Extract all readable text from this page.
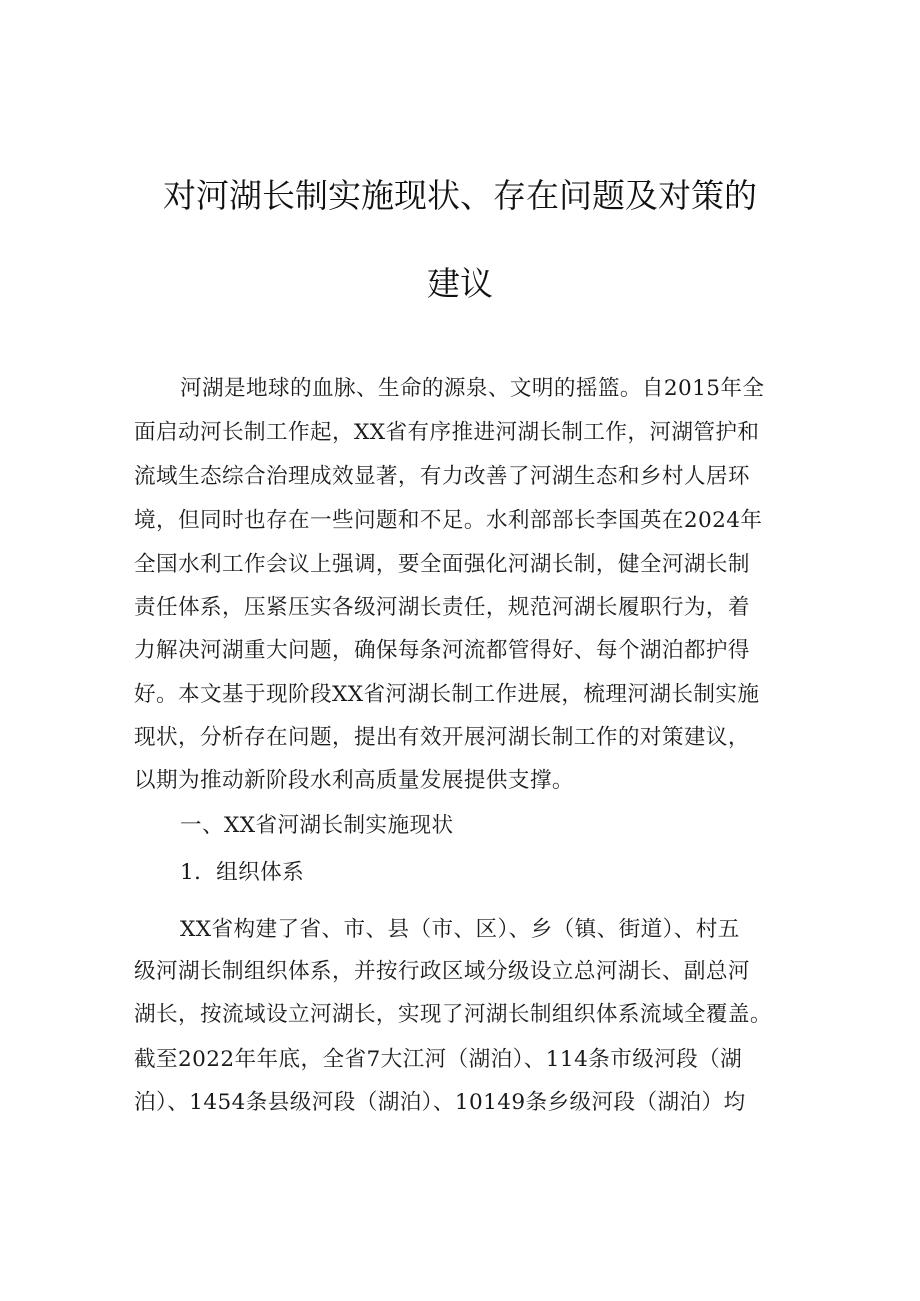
对河湖长制实施现状、存在问题及对策的
建议

河湖是地球的血脉、生命的源泉、文明的摇篮。自2015年全

面启动河长制工作起，XX省有序推进河湖长制工作，河湖管护和

流域生态综合治理成效显著，有力改善了河湖生态和乡村人居环

境，但同时也存在一些问题和不足。水利部部长李国英在2024年

全国水利工作会议上强调，要全面强化河湖长制，健全河湖长制

责任体系，压紧压实各级河湖长责任，规范河湖长履职行为，着

力解决河湖重大问题，确保每条河流都管得好、每个湖泊都护得

好。本文基于现阶段XX省河湖长制工作进展，梳理河湖长制实施

现状，分析存在问题，提出有效开展河湖长制工作的对策建议，

以期为推动新阶段水利高质量发展提供支撑。

一、XX省河湖长制实施现状

1．组织体系

XX省构建了省、市、县（市、区）、乡（镇、街道）、村五

级河湖长制组织体系，并按行政区域分级设立总河湖长、副总河

湖长，按流域设立河湖长，实现了河湖长制组织体系流域全覆盖。

截至2022年年底，全省7大江河（湖泊）、114条市级河段（湖

泊）、1454条县级河段（湖泊）、10149条乡级河段（湖泊）均
